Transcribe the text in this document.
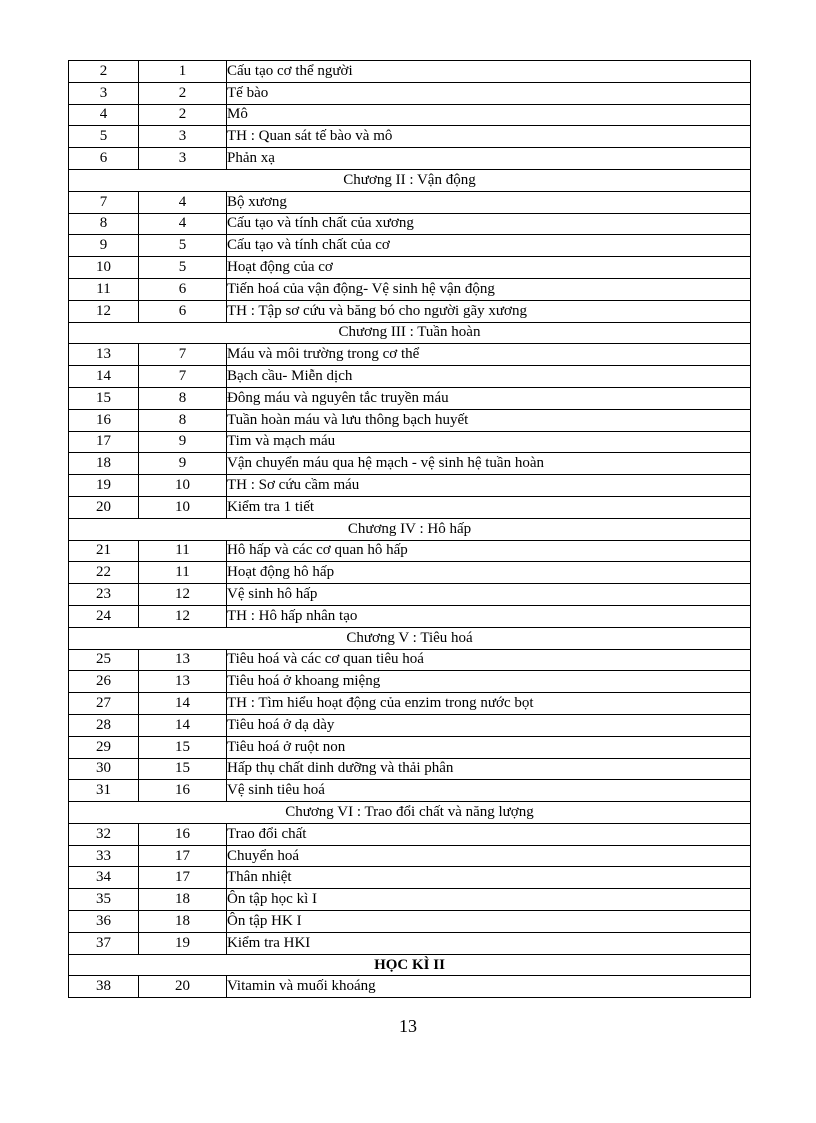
2	1	Cấu tạo cơ thể người
3	2	Tế bào
4	2	Mô
5	3	TH : Quan sát tế bào và mô
6	3	Phản xạ
Chương II : Vận động		
7	4	Bộ xương
8	4	Cấu tạo và tính chất của xương
9	5	Cấu tạo và tính chất của cơ
10	5	Hoạt động của cơ
11	6	Tiến hoá của vận động- Vệ sinh hệ vận động
12	6	TH : Tập sơ cứu và băng bó cho người gãy xương
Chương III : Tuần hoàn		
13	7	Máu và môi trường trong cơ thể
14	7	Bạch cầu- Miễn dịch
15	8	Đông máu và nguyên tắc truyền máu
16	8	Tuần hoàn máu và lưu thông bạch huyết
17	9	Tim và mạch máu
18	9	Vận chuyển máu qua hệ mạch - vệ sinh hệ tuần hoàn
19	10	TH : Sơ cứu cầm máu
20	10	Kiểm tra 1 tiết
Chương IV : Hô hấp		
21	11	Hô hấp và các cơ quan hô hấp
22	11	Hoạt động hô hấp
23	12	Vệ sinh hô hấp
24	12	TH : Hô hấp nhân tạo
Chương V : Tiêu hoá		
25	13	Tiêu hoá và các cơ quan tiêu hoá
26	13	Tiêu hoá ở khoang miệng
27	14	TH : Tìm hiểu hoạt động của enzim trong nước bọt
28	14	Tiêu hoá ở dạ dày
29	15	Tiêu hoá ở ruột non
30	15	Hấp thụ chất dinh dưỡng và thải phân
31	16	Vệ sinh tiêu hoá
Chương VI : Trao đổi chất và năng lượng		
32	16	Trao đổi chất
33	17	Chuyển hoá
34	17	Thân nhiệt
35	18	Ôn tập học kì I
36	18	Ôn tập HK I
37	19	Kiểm tra HKI
HỌC KÌ II		
38	20	Vitamin và muối khoáng
13
